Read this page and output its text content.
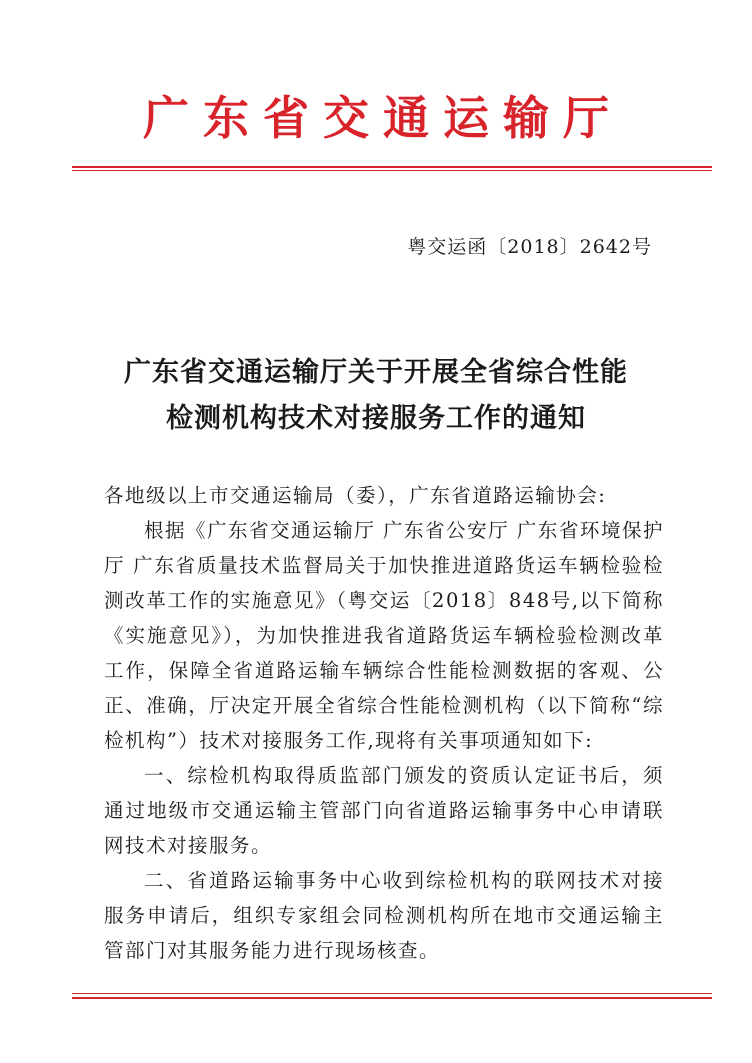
广东省交通运输厅
粤交运函〔2018〕2642号
广东省交通运输厅关于开展全省综合性能
检测机构技术对接服务工作的通知

各地级以上市交通运输局（委），广东省道路运输协会:

根据《广东省交通运输厅 广东省公安厅 广东省环境保护厅 广东省质量技术监督局关于加快推进道路货运车辆检验检测改革工作的实施意见》（粤交运〔2018〕848号,以下简称《实施意见》），为加快推进我省道路货运车辆检验检测改革工作，保障全省道路运输车辆综合性能检测数据的客观、公正、准确，厅决定开展全省综合性能检测机构（以下简称“综检机构”）技术对接服务工作,现将有关事项通知如下:

一、综检机构取得质监部门颁发的资质认定证书后，须通过地级市交通运输主管部门向省道路运输事务中心申请联网技术对接服务。

二、省道路运输事务中心收到综检机构的联网技术对接服务申请后，组织专家组会同检测机构所在地市交通运输主管部门对其服务能力进行现场核查。
